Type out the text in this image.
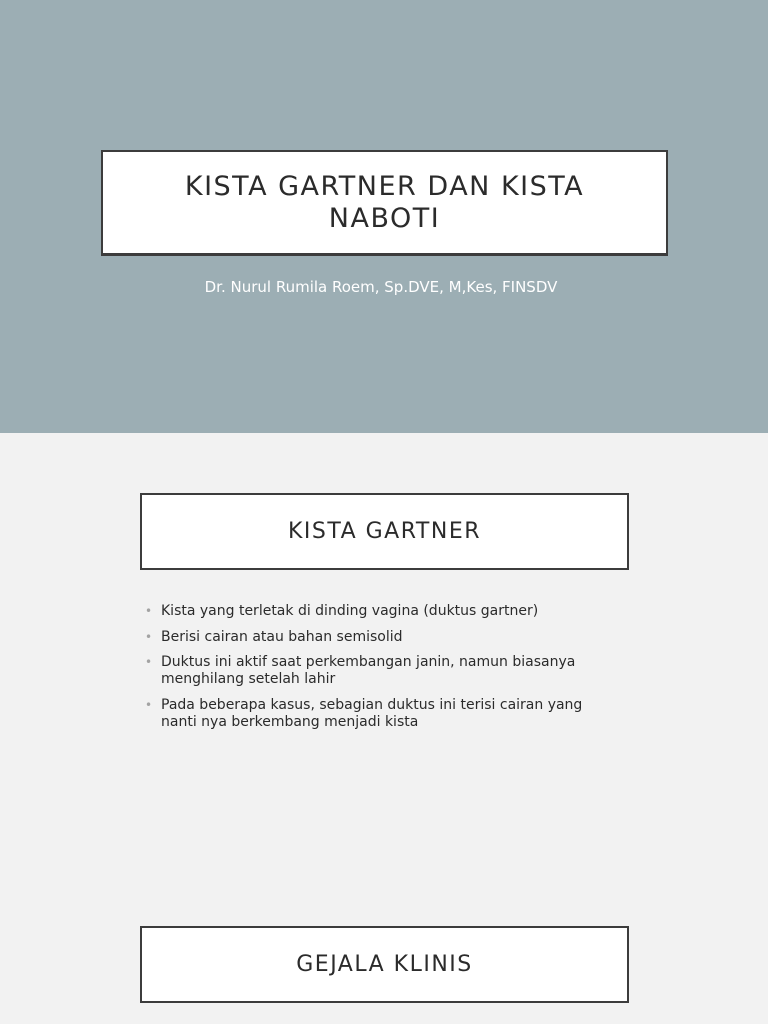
KISTA GARTNER DAN KISTA NABOTI
Dr. Nurul Rumila Roem, Sp.DVE, M,Kes, FINSDV
KISTA GARTNER
• Kista yang terletak di dinding vagina (duktus gartner)
• Berisi cairan atau bahan semisolid
• Duktus ini aktif saat perkembangan janin, namun biasanya menghilang setelah lahir
• Pada beberapa kasus, sebagian duktus ini terisi cairan yang nanti nya berkembang menjadi kista
GEJALA KLINIS
